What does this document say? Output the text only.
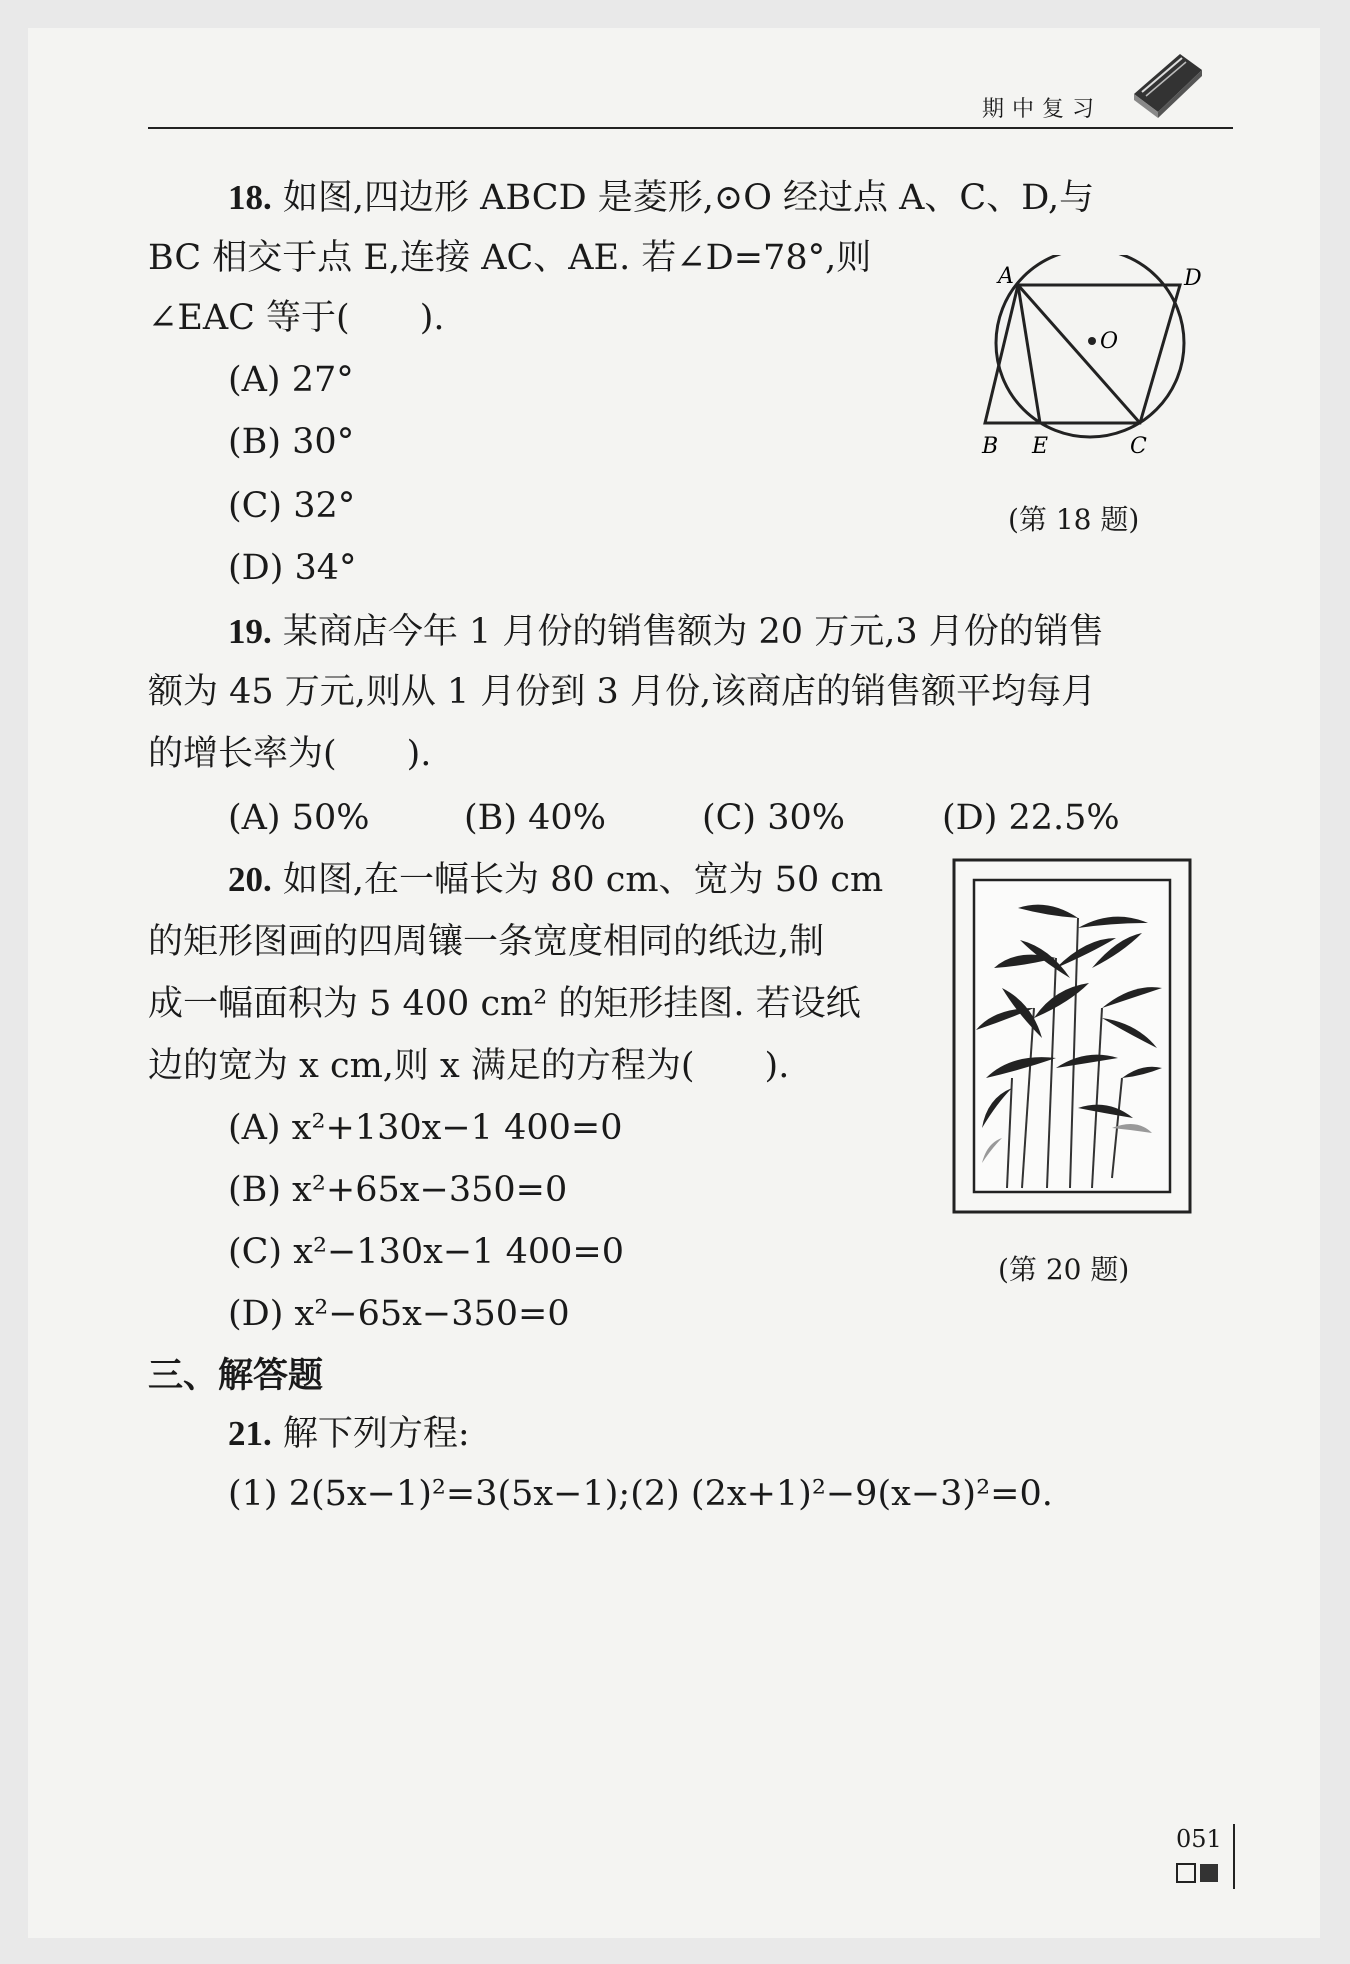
期中复习
18. 如图,四边形 ABCD 是菱形,⊙O 经过点 A、C、D,与
BC 相交于点 E,连接 AC、AE. 若∠D=78°,则
∠EAC 等于(　　).
(A) 27°
(B) 30°
(C) 32°
(D) 34°
A	D
O
B E	C
(第 18 题)
19. 某商店今年 1 月份的销售额为 20 万元,3 月份的销售
额为 45 万元,则从 1 月份到 3 月份,该商店的销售额平均每月
的增长率为(　　).
(A) 50%	(B) 40%	(C) 30%	(D) 22.5%
20. 如图,在一幅长为 80 cm、宽为 50 cm
的矩形图画的四周镶一条宽度相同的纸边,制
成一幅面积为 5 400 cm² 的矩形挂图. 若设纸
边的宽为 x cm,则 x 满足的方程为(　　).
(A) x²+130x−1 400=0
(B) x²+65x−350=0
(C) x²−130x−1 400=0
(D) x²−65x−350=0
(第 20 题)
三、解答题
21. 解下列方程:
(1) 2(5x−1)²=3(5x−1);(2) (2x+1)²−9(x−3)²=0.
051
